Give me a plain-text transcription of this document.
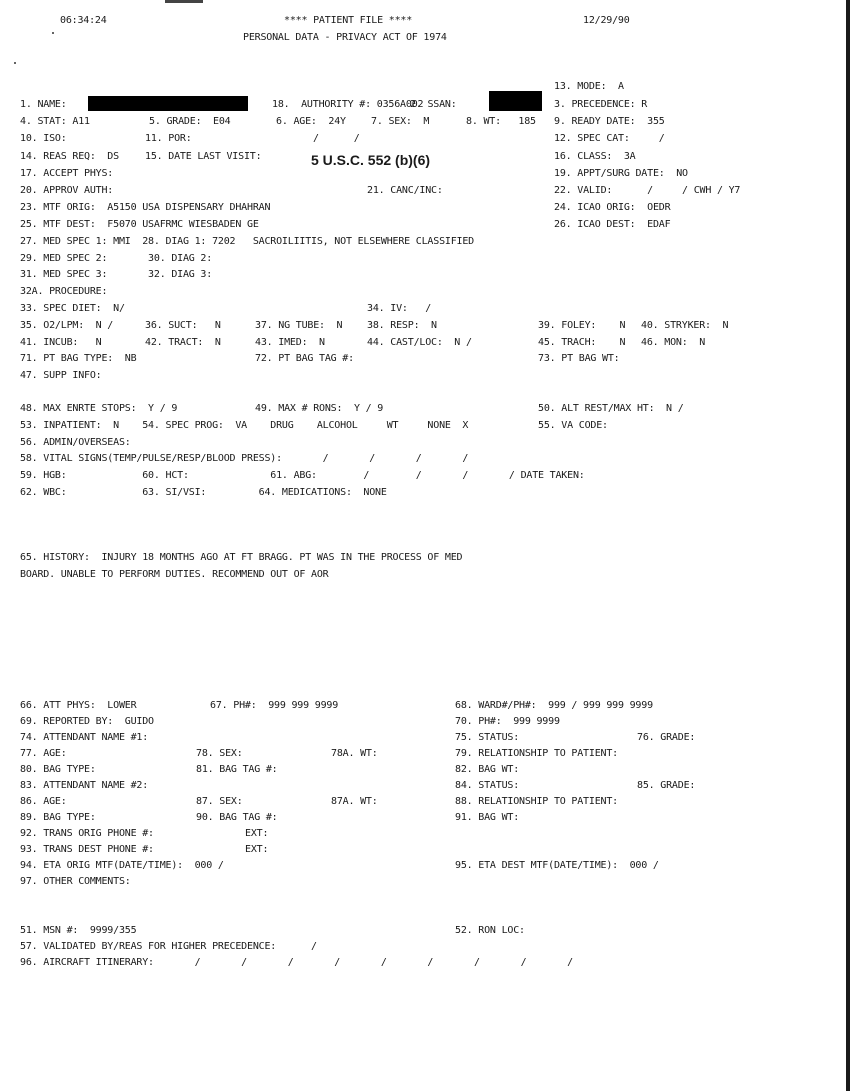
06:34:24	**** PATIENT FILE ****
PERSONAL DATA - PRIVACY ACT OF 1974
12/29/90
13. MODE:  A
1. NAME:	18.  AUTHORITY #: 0356A002
2. SSAN:	3. PRECEDENCE: R
4. STAT: A11	5. GRADE:  E04	6. AGE:  24Y	7. SEX:  M	8. WT:   185 9. READY DATE:  355
10. ISO:	11. POR:	/      /	12. SPEC CAT:     /
14. REAS REQ:  DS	15. DATE LAST VISIT:	5 U.S.C. 552 (b)(6)	16. CLASS:  3A
17. ACCEPT PHYS:	19. APPT/SURG DATE:  NO
20. APPROV AUTH:	21. CANC/INC:	22. VALID:      /     / CWH / Y7
23. MTF ORIG:  A5150 USA DISPENSARY DHAHRAN	24. ICAO ORIG:  OEDR
25. MTF DEST:  F5070 USAFRMC WIESBADEN GE	26. ICAO DEST:  EDAF
27. MED SPEC 1: MMI  28. DIAG 1: 7202   SACROILIITIS, NOT ELSEWHERE CLASSIFIED
29. MED SPEC 2:       30. DIAG 2:
31. MED SPEC 3:       32. DIAG 3:
32A. PROCEDURE:
33. SPEC DIET:  N/	34. IV:   /
35. O2/LPM:  N /	36. SUCT:   N	37. NG TUBE:  N 38. RESP:  N	39. FOLEY:    N 40. STRYKER:  N
41. INCUB:   N	42. TRACT:  N	43. IMED:  N	44. CAST/LOC:  N /	45. TRACH:    N 46. MON:  N
71. PT BAG TYPE:  NB	72. PT BAG TAG #:	73. PT BAG WT:
47. SUPP INFO:
48. MAX ENRTE STOPS:  Y / 9	49. MAX # RONS:  Y / 9	50. ALT REST/MAX HT:  N /
53. INPATIENT:  N    54. SPEC PROG:  VA    DRUG    ALCOHOL     WT     NONE  X	55. VA CODE:
56. ADMIN/OVERSEAS:
58. VITAL SIGNS(TEMP/PULSE/RESP/BLOOD PRESS):       /       /       /       /
59. HGB:             60. HCT:              61. ABG:        /        /       /       / DATE TAKEN:
62. WBC:             63. SI/VSI:         64. MEDICATIONS:  NONE
65. HISTORY:  INJURY 18 MONTHS AGO AT FT BRAGG. PT WAS IN THE PROCESS OF MED
BOARD. UNABLE TO PERFORM DUTIES. RECOMMEND OUT OF AOR
66. ATT PHYS:  LOWER	67. PH#:  999 999 9999	68. WARD#/PH#:  999 / 999 999 9999
69. REPORTED BY:  GUIDO	70. PH#:  999 9999
74. ATTENDANT NAME #1:	75. STATUS:	76. GRADE:
77. AGE:	78. SEX:	78A. WT:	79. RELATIONSHIP TO PATIENT:
80. BAG TYPE:	81. BAG TAG #:	82. BAG WT:
83. ATTENDANT NAME #2:	84. STATUS:	85. GRADE:
86. AGE:	87. SEX:	87A. WT:	88. RELATIONSHIP TO PATIENT:
89. BAG TYPE:	90. BAG TAG #:	91. BAG WT:
92. TRANS ORIG PHONE #:	EXT:
93. TRANS DEST PHONE #:	EXT:
94. ETA ORIG MTF(DATE/TIME):  000 /	95. ETA DEST MTF(DATE/TIME):  000 /
97. OTHER COMMENTS:
51. MSN #:  9999/355	52. RON LOC:
57. VALIDATED BY/REAS FOR HIGHER PRECEDENCE:      /
96. AIRCRAFT ITINERARY:       /       /       /       /       /       /       /       /       /
